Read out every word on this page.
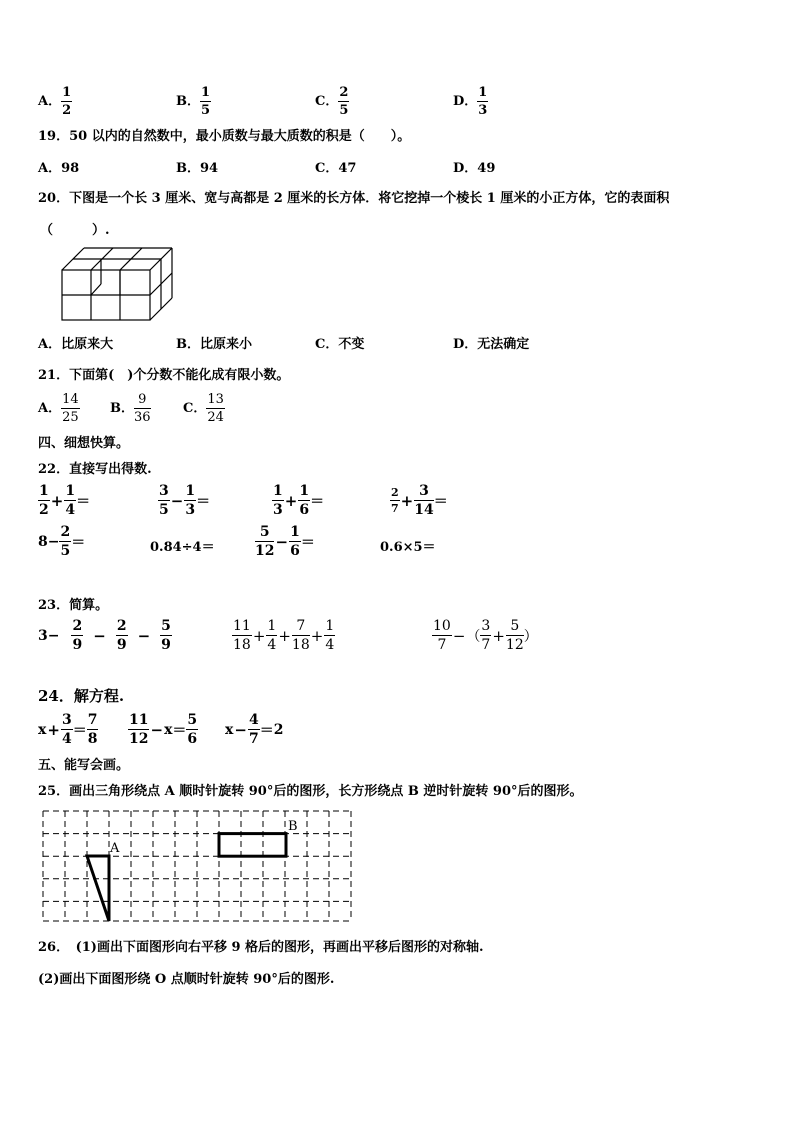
A． $\frac{1}{2}$	B． $\frac{1}{5}$	C． $\frac{2}{5}$	D． $\frac{1}{3}$
19．50 以内的自然数中，最小质数与最大质数的积是（　　）。
A．98	B．94	C．47	D．49
20．下图是一个长 3 厘米、宽与高都是 2 厘米的长方体．将它挖掉一个棱长 1 厘米的小正方体，它的表面积
（　　　）.
A．比原来大	B．比原来小	C．不变	D．无法确定
21．下面第(　)个分数不能化成有限小数。
A． $\frac{14}{25}$ B． $\frac{9}{36}$ C． $\frac{13}{24}$
四、细想快算。
22．直接写出得数.
$\frac{1}{2} + \frac{1}{4}$ ＝	$\frac{3}{5} - \frac{1}{3}$ ＝	$\frac{1}{3} + \frac{1}{6}$ ＝	$\frac{2}{7} + \frac{3}{14}$ ＝
$8- \frac{2}{5}$ ＝	0.84÷4＝	$\frac{5}{12} - \frac{1}{6}$ ＝	0.6×5＝
23．简算。
$3- \frac{2}{9} - \frac{2}{9} - \frac{5}{9}$	$\frac{11}{18} + \frac{1}{4} + \frac{7}{18} + \frac{1}{4}$	$\frac{10}{7}$ − （ $\frac{3}{7} + \frac{5}{12}$ ）
24．解方程.
$x + \frac{3}{4} = \frac{7}{8} \frac{11}{12} - x = \frac{5}{6}$ $x - \frac{4}{7} = 2$
五、能写会画。
25．画出三角形绕点 A 顺时针旋转 90°后的图形，长方形绕点 B 逆时针旋转 90°后的图形。
A
B
26．　(1)画出下面图形向右平移 9 格后的图形，再画出平移后图形的对称轴.
(2)画出下面图形绕 O 点顺时针旋转 90°后的图形.
